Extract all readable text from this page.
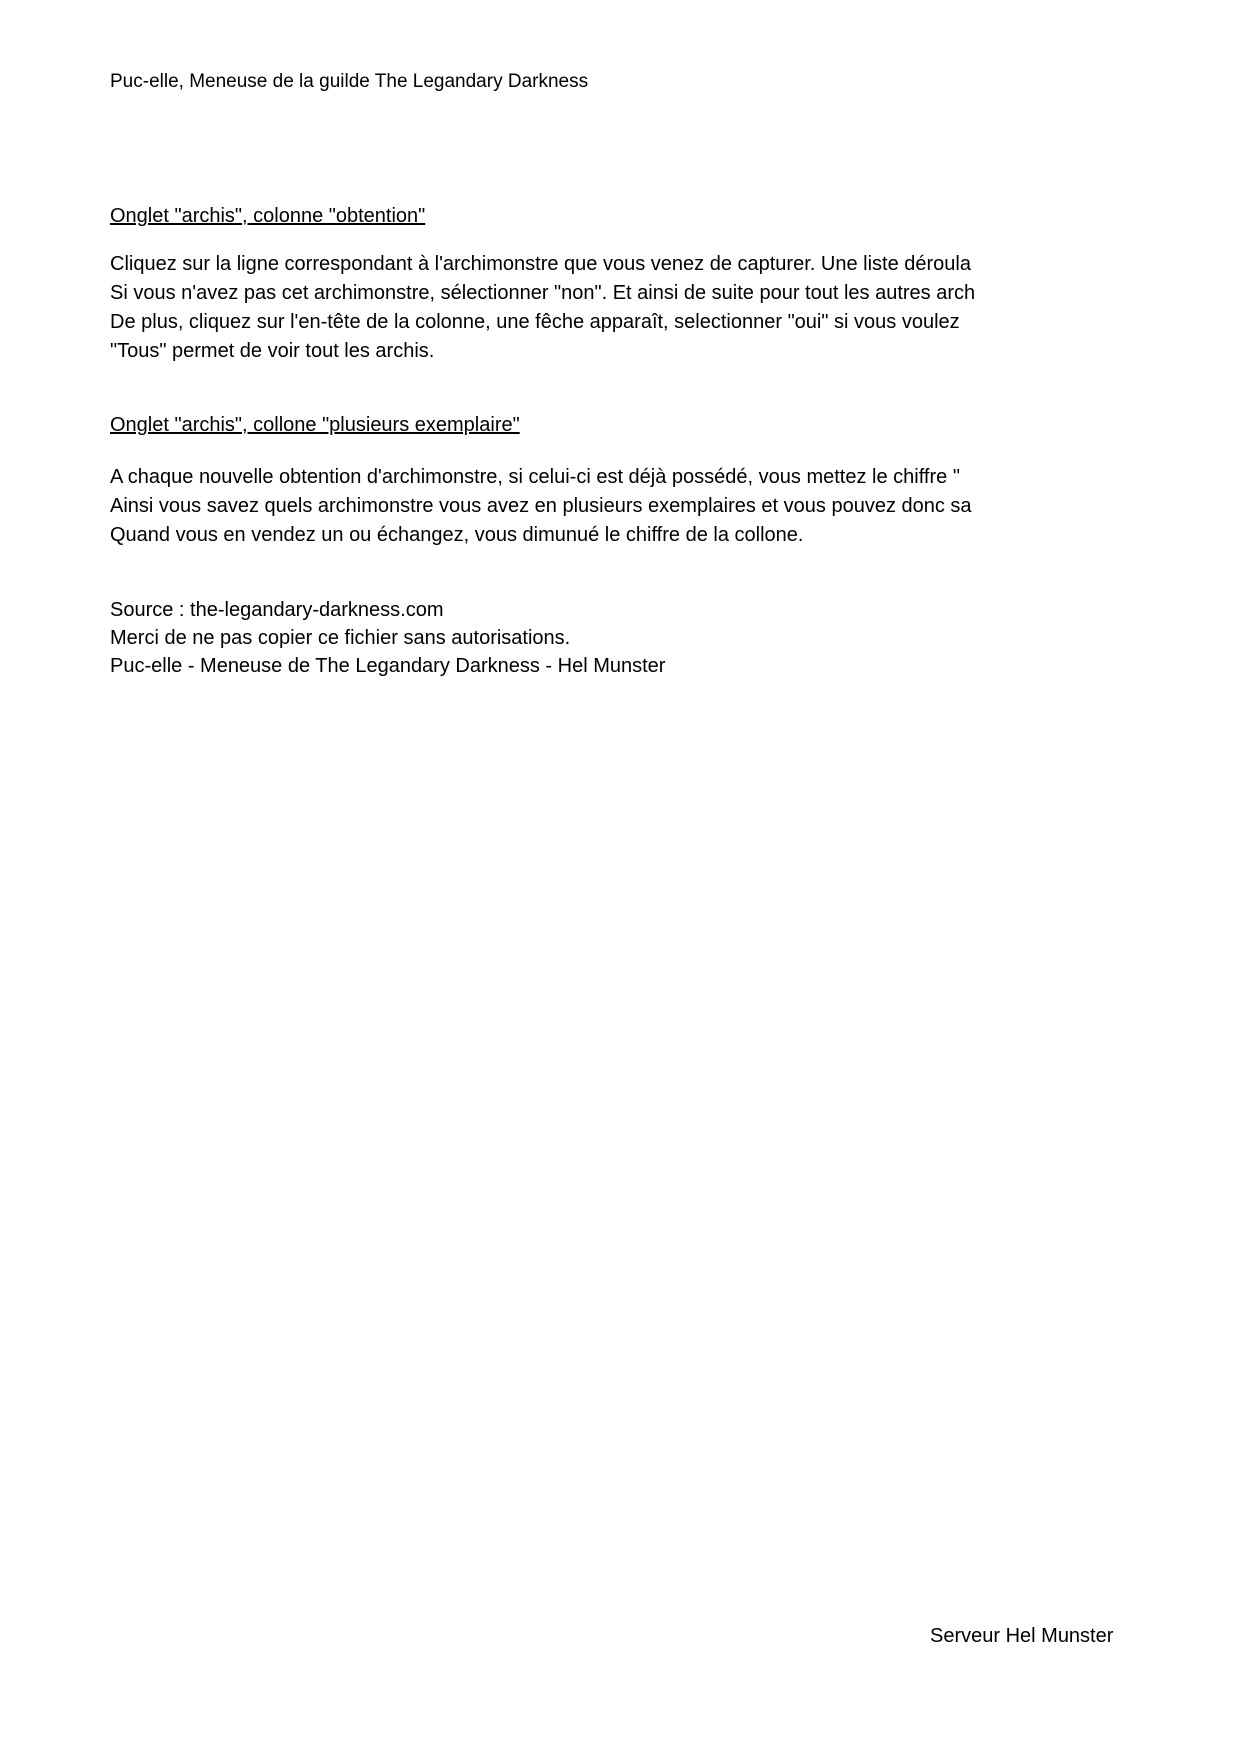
Puc-elle, Meneuse de la guilde The Legandary Darkness
Onglet "archis", colonne "obtention"
Cliquez sur la ligne correspondant à l'archimonstre que vous venez de capturer. Une liste déroula
Si vous n'avez pas cet archimonstre, sélectionner "non". Et ainsi de suite pour tout les autres arch
De plus, cliquez sur l'en-tête de la colonne, une fêche apparaît, selectionner "oui" si vous voulez
"Tous" permet de voir tout les archis.
Onglet "archis", collone "plusieurs exemplaire"
A chaque nouvelle obtention d'archimonstre, si celui-ci est déjà possédé, vous mettez le chiffre "
Ainsi vous savez quels archimonstre vous avez en plusieurs exemplaires et vous pouvez donc sa
Quand vous en vendez un ou échangez, vous dimunué le chiffre de la collone.
Source : the-legandary-darkness.com
Merci de ne pas copier ce fichier sans autorisations.
Puc-elle - Meneuse de The Legandary Darkness - Hel Munster
Serveur Hel Munster
